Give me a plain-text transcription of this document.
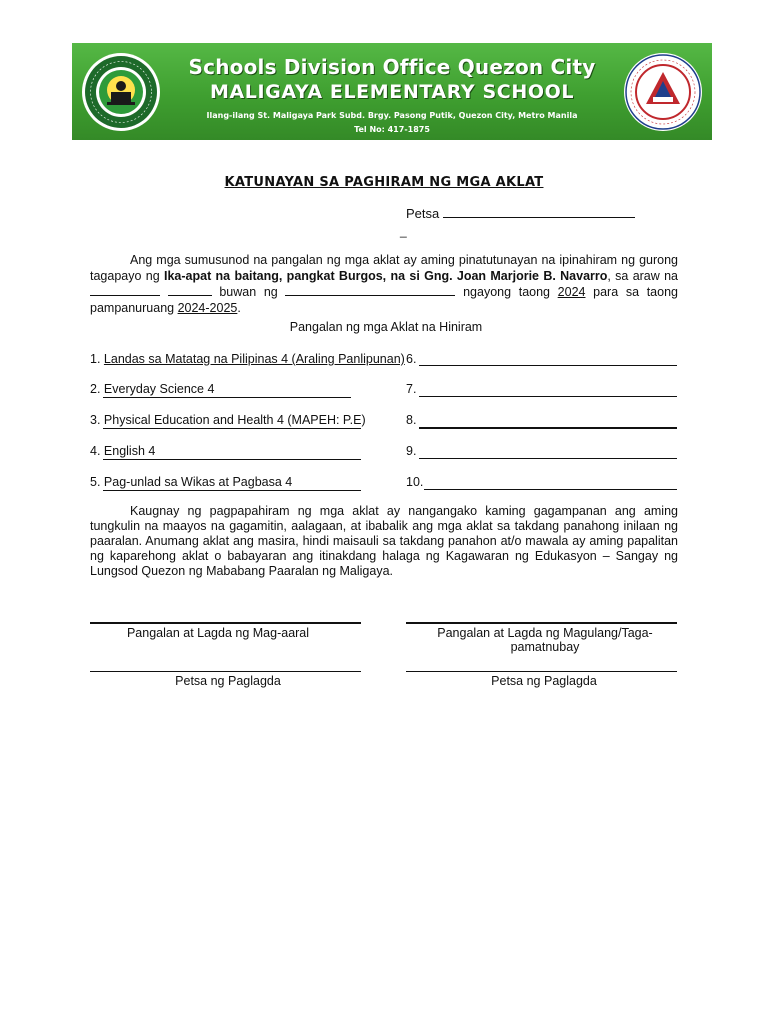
Schools Division Office Quezon City
MALIGAYA ELEMENTARY SCHOOL
Ilang-ilang St. Maligaya Park Subd. Brgy. Pasong Putik, Quezon City, Metro Manila
Tel No: 417-1875
KATUNAYAN SA PAGHIRAM NG MGA AKLAT
Petsa
_
Ang mga sumusunod na pangalan ng mga aklat ay aming pinatutunayan na ipinahiram ng gurong tagapayo ng Ika-apat na baitang, pangkat Burgos, na si Gng. Joan Marjorie B. Navarro, sa araw na   buwan ng	ngayong taong 2024 para sa taong pampanuruang 2024-2025.
Pangalan ng mga Aklat na Hiniram
1. Landas sa Matatag na Pilipinas 4 (Araling Panlipunan)
2. Everyday Science 4
3. Physical Education and Health 4 (MAPEH: P.E)
4. English 4
5. Pag-unlad sa Wikas at Pagbasa 4
6.
7.
8.
9.
10.
Kaugnay ng pagpapahiram ng mga aklat ay nangangako kaming gagampanan ang aming tungkulin na maayos na gagamitin, aalagaan, at ibabalik ang mga aklat sa takdang panahong inilaan ng paaralan. Anumang aklat ang masira, hindi maisauli sa takdang panahon at/o mawala ay aming papalitan ng kaparehong aklat o babayaran ang itinakdang halaga ng Kagawaran ng Edukasyon – Sangay ng Lungsod Quezon ng Mababang Paaralan ng Maligaya.
Pangalan at Lagda ng Mag-aaral	Pangalan at Lagda ng Magulang/Taga-pamatnubay
Petsa ng Paglagda	Petsa ng Paglagda
